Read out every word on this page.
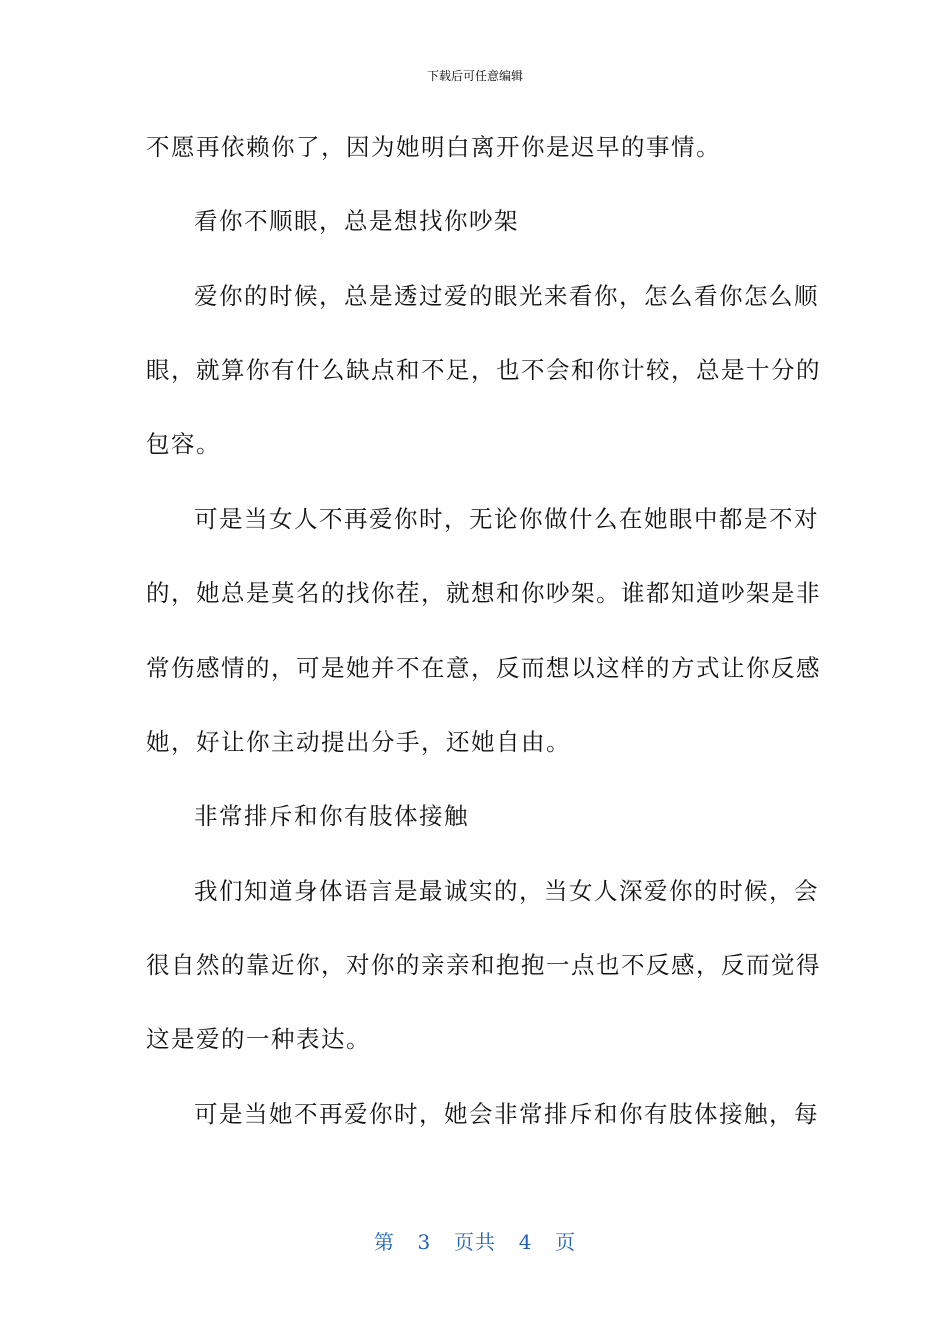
下载后可任意编辑
不愿再依赖你了，因为她明白离开你是迟早的事情。
看你不顺眼，总是想找你吵架
爱你的时候，总是透过爱的眼光来看你，怎么看你怎么顺
眼，就算你有什么缺点和不足，也不会和你计较，总是十分的
包容。
可是当女人不再爱你时，无论你做什么在她眼中都是不对
的，她总是莫名的找你茬，就想和你吵架。谁都知道吵架是非
常伤感情的，可是她并不在意，反而想以这样的方式让你反感
她，好让你主动提出分手，还她自由。
非常排斥和你有肢体接触
我们知道身体语言是最诚实的，当女人深爱你的时候，会
很自然的靠近你，对你的亲亲和抱抱一点也不反感，反而觉得
这是爱的一种表达。
可是当她不再爱你时，她会非常排斥和你有肢体接触，每
第  3  页共  4  页
